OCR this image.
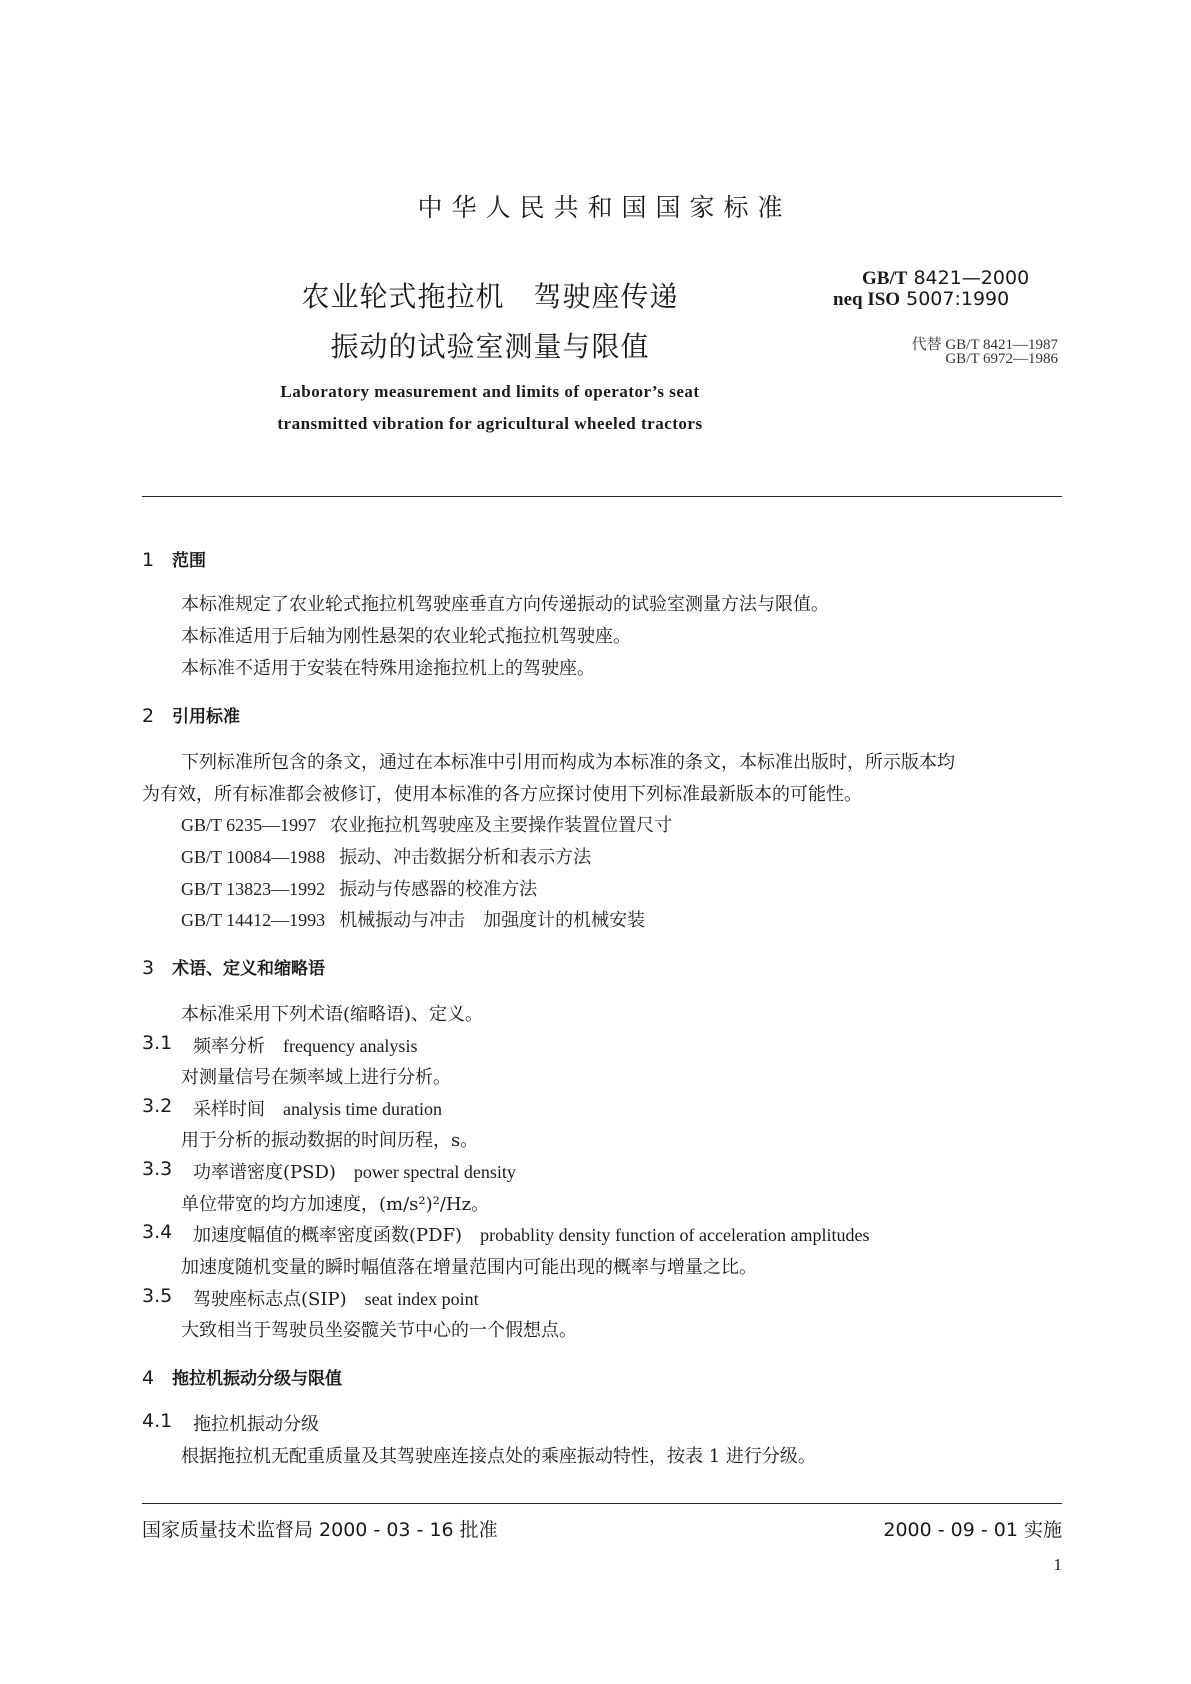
中华人民共和国国家标准
农业轮式拖拉机　驾驶座传递
振动的试验室测量与限值
GB/T 8421—2000
neq ISO 5007:1990
代替 GB/T 8421—1987
GB/T 6972—1986
Laboratory measurement and limits of operator’s seat
transmitted vibration for agricultural wheeled tractors
1 范围
本标准规定了农业轮式拖拉机驾驶座垂直方向传递振动的试验室测量方法与限值。
本标准适用于后轴为刚性悬架的农业轮式拖拉机驾驶座。
本标准不适用于安装在特殊用途拖拉机上的驾驶座。
2 引用标准
下列标准所包含的条文，通过在本标准中引用而构成为本标准的条文，本标准出版时，所示版本均
为有效，所有标准都会被修订，使用本标准的各方应探讨使用下列标准最新版本的可能性。
GB/T 6235—1997 农业拖拉机驾驶座及主要操作装置位置尺寸
GB/T 10084—1988 振动、冲击数据分析和表示方法
GB/T 13823—1992 振动与传感器的校准方法
GB/T 14412—1993 机械振动与冲击　加强度计的机械安装
3 术语、定义和缩略语
本标准采用下列术语(缩略语)、定义。
3.1 频率分析 frequency analysis
对测量信号在频率域上进行分析。
3.2 采样时间 analysis time duration
用于分析的振动数据的时间历程，s。
3.3 功率谱密度(PSD) power spectral density
单位带宽的均方加速度，(m/s²)²/Hz。
3.4 加速度幅值的概率密度函数(PDF) probablity density function of acceleration amplitudes
加速度随机变量的瞬时幅值落在增量范围内可能出现的概率与增量之比。
3.5 驾驶座标志点(SIP) seat index point
大致相当于驾驶员坐姿髋关节中心的一个假想点。
4 拖拉机振动分级与限值
4.1 拖拉机振动分级
根据拖拉机无配重质量及其驾驶座连接点处的乘座振动特性，按表 1 进行分级。
国家质量技术监督局 2000 - 03 - 16 批准	2000 - 09 - 01 实施
1
